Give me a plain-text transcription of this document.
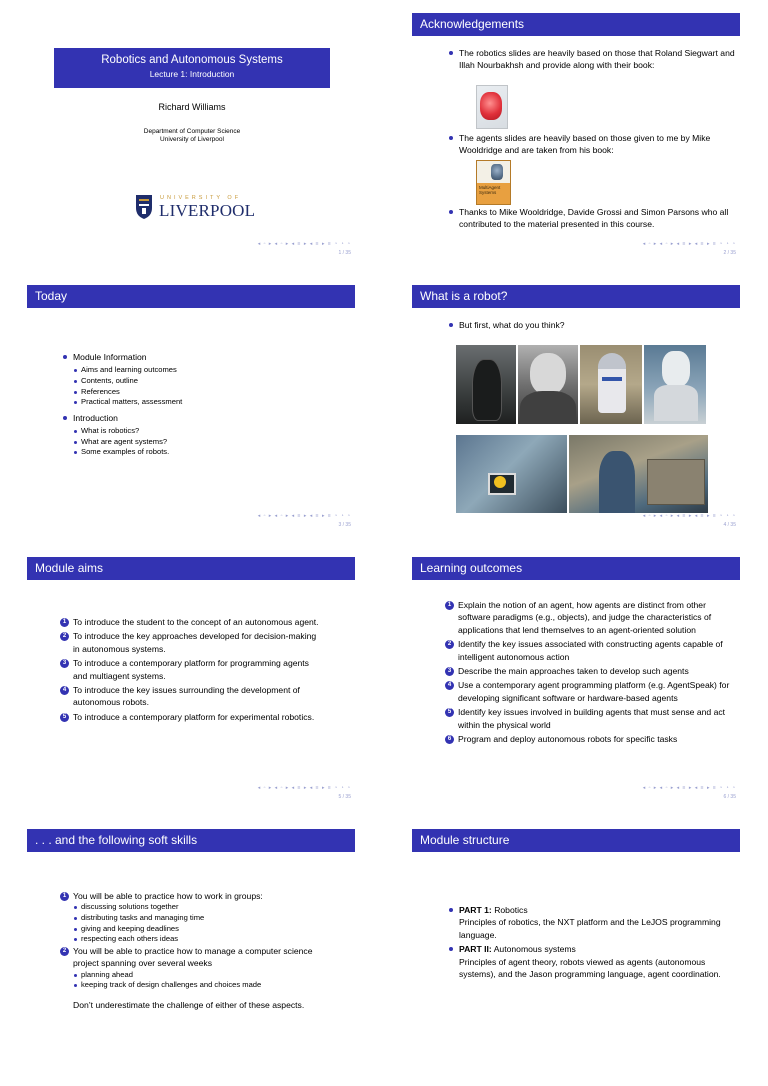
Robotics and Autonomous Systems
Lecture 1: Introduction
Richard Williams
Department of Computer Science
University of Liverpool
UNIVERSITY OF
LIVERPOOL
◂ ▫ ▸ ◂ ▫ ▸ ◂ ≡ ▸ ◂ ≡ ▸ ≡ ◔ ◔ ◔
1 / 35
Acknowledgements
The robotics slides are heavily based on those that Roland Siegwart and Illah Nourbakhsh and provide along with their book:
The agents slides are heavily based on those given to me by Mike Wooldridge and are taken from his book:
MultiAgent Systems
Thanks to Mike Wooldridge, Davide Grossi and Simon Parsons who all contributed to the material presented in this course.
◂ ▫ ▸ ◂ ▫ ▸ ◂ ≡ ▸ ◂ ≡ ▸ ≡ ◔ ◔ ◔
2 / 35
Today
Module Information
Aims and learning outcomes
Contents, outline
References
Practical matters, assessment
Introduction
What is robotics?
What are agent systems?
Some examples of robots.
◂ ▫ ▸ ◂ ▫ ▸ ◂ ≡ ▸ ◂ ≡ ▸ ≡ ◔ ◔ ◔
3 / 35
What is a robot?
But first, what do you think?
◂ ▫ ▸ ◂ ▫ ▸ ◂ ≡ ▸ ◂ ≡ ▸ ≡ ◔ ◔ ◔
4 / 35
Module aims
1 To introduce the student to the concept of an autonomous agent.
2 To introduce the key approaches developed for decision-making in autonomous systems.
3 To introduce a contemporary platform for programming agents and multiagent systems.
4 To introduce the key issues surrounding the development of autonomous robots.
5 To introduce a contemporary platform for experimental robotics.
◂ ▫ ▸ ◂ ▫ ▸ ◂ ≡ ▸ ◂ ≡ ▸ ≡ ◔ ◔ ◔
5 / 35
Learning outcomes
1 Explain the notion of an agent, how agents are distinct from other software paradigms (e.g., objects), and judge the characteristics of applications that lend themselves to an agent-oriented solution
2 Identify the key issues associated with constructing agents capable of intelligent autonomous action
3 Describe the main approaches taken to develop such agents
4 Use a contemporary agent programming platform (e.g. AgentSpeak) for developing significant software or hardware-based agents
5 Identify key issues involved in building agents that must sense and act within the physical world
6 Program and deploy autonomous robots for specific tasks
◂ ▫ ▸ ◂ ▫ ▸ ◂ ≡ ▸ ◂ ≡ ▸ ≡ ◔ ◔ ◔
6 / 35
. . . and the following soft skills
1 You will be able to practice how to work in groups:
discussing solutions together
distributing tasks and managing time
giving and keeping deadlines
respecting each others ideas
2 You will be able to practice how to manage a computer science project spanning over several weeks
planning ahead
keeping track of design challenges and choices made
Don’t underestimate the challenge of either of these aspects.
Module structure
PART 1: Robotics
Principles of robotics, the NXT platform and the LeJOS programming language.
PART II: Autonomous systems
Principles of agent theory, robots viewed as agents (autonomous systems), and the Jason programming language, agent coordination.
